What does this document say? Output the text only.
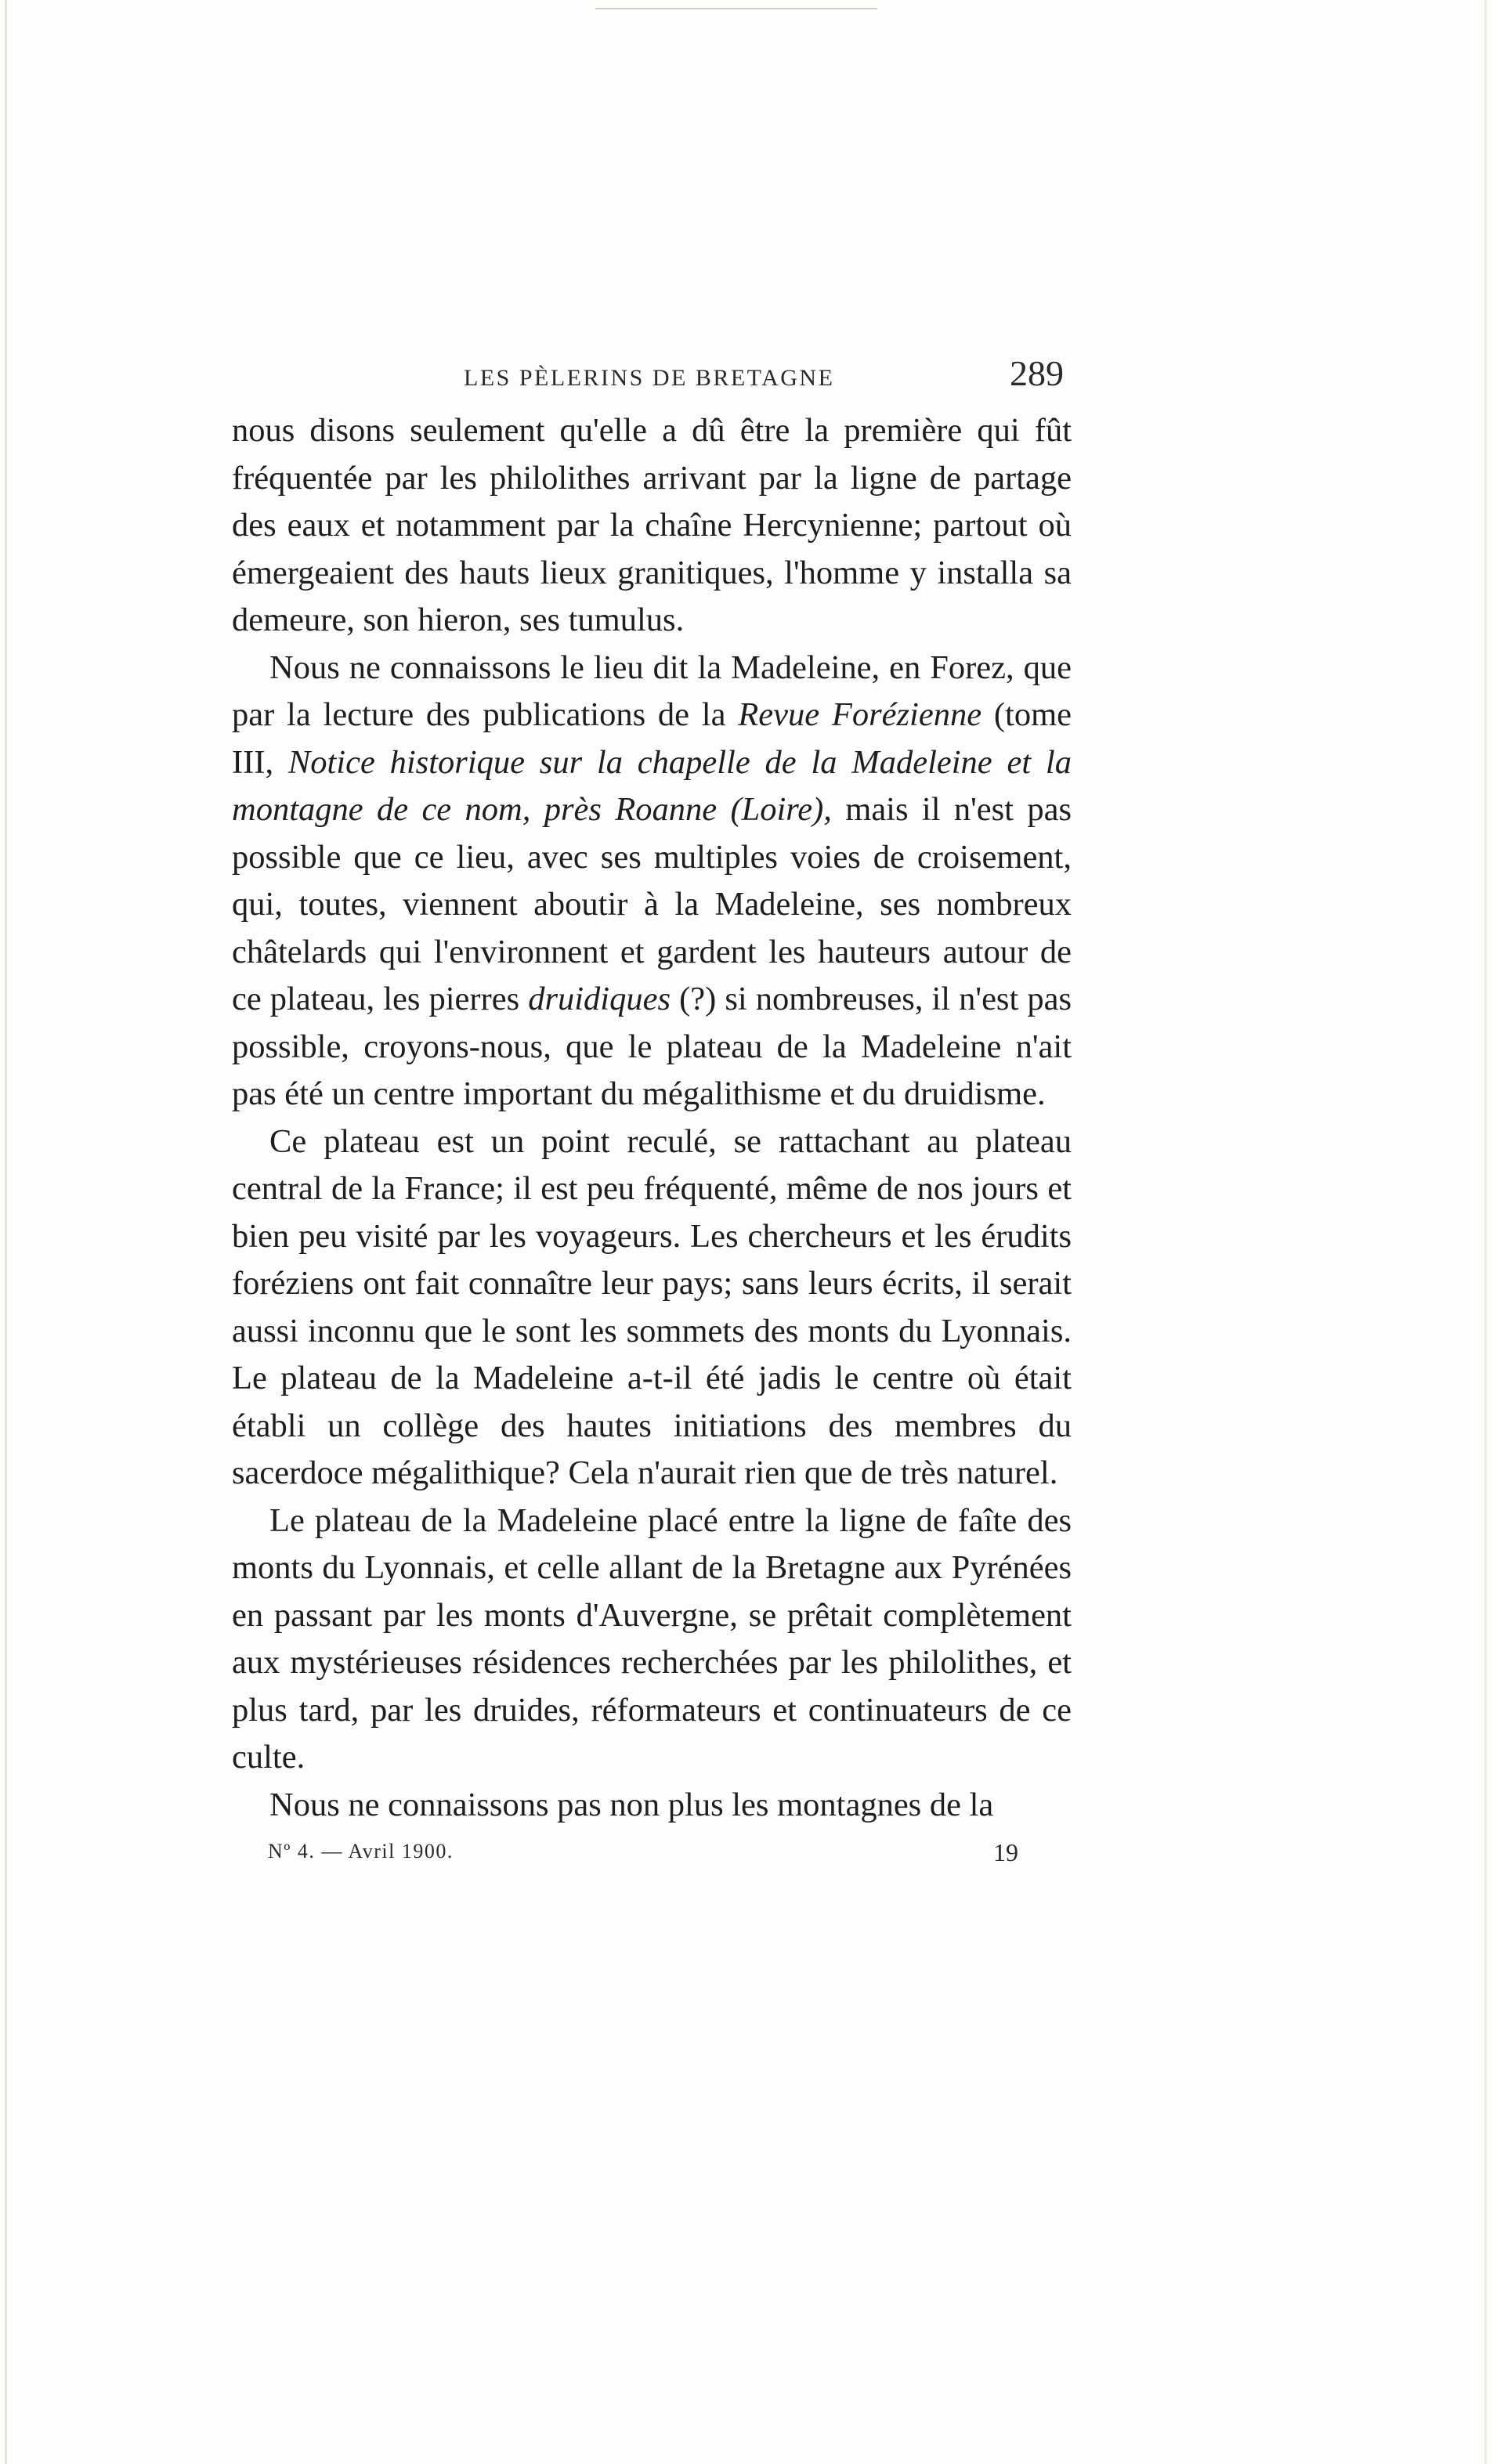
LES PÈLERINS DE BRETAGNE	289

nous disons seulement qu'elle a dû être la première qui fût fréquentée par les philolithes arrivant par la ligne de partage des eaux et notamment par la chaîne Hercynienne; partout où émergeaient des hauts lieux granitiques, l'homme y installa sa demeure, son hieron, ses tumulus.

Nous ne connaissons le lieu dit la Madeleine, en Forez, que par la lecture des publications de la Revue Forézienne (tome III, Notice historique sur la chapelle de la Madeleine et la montagne de ce nom, près Roanne (Loire), mais il n'est pas possible que ce lieu, avec ses multiples voies de croisement, qui, toutes, viennent aboutir à la Madeleine, ses nombreux châtelards qui l'environnent et gardent les hauteurs autour de ce plateau, les pierres druidiques (?) si nombreuses, il n'est pas possible, croyons-nous, que le plateau de la Madeleine n'ait pas été un centre important du mégalithisme et du druidisme.

Ce plateau est un point reculé, se rattachant au plateau central de la France; il est peu fréquenté, même de nos jours et bien peu visité par les voyageurs. Les chercheurs et les érudits foréziens ont fait connaître leur pays; sans leurs écrits, il serait aussi inconnu que le sont les sommets des monts du Lyonnais. Le plateau de la Madeleine a-t-il été jadis le centre où était établi un collège des hautes initiations des membres du sacerdoce mégalithique? Cela n'aurait rien que de très naturel.

Le plateau de la Madeleine placé entre la ligne de faîte des monts du Lyonnais, et celle allant de la Bretagne aux Pyrénées en passant par les monts d'Auvergne, se prêtait complètement aux mystérieuses résidences recherchées par les philolithes, et plus tard, par les druides, réformateurs et continuateurs de ce culte.

Nous ne connaissons pas non plus les montagnes de la

Nº 4. — Avril 1900.	19
